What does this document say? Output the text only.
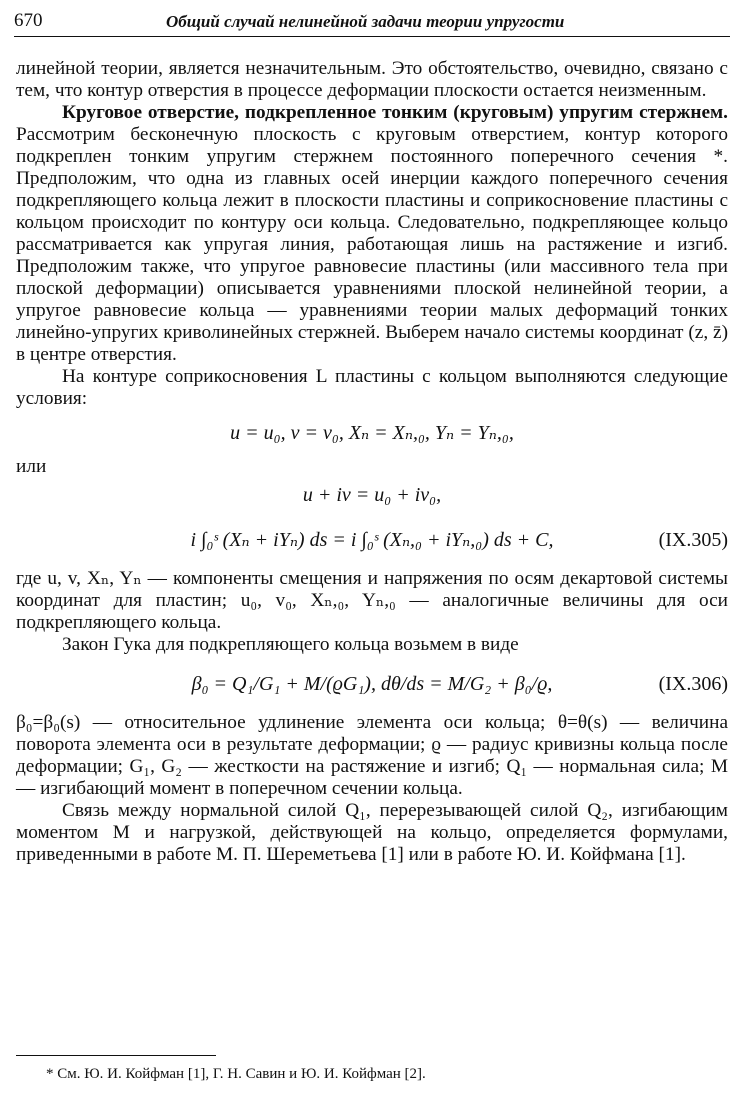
670	Общий случай нелинейной задачи теории упругости

линейной теории, является незначительным. Это обстоятельство, очевидно, связано с тем, что контур отверстия в процессе деформации плоскости остается неизменным.

Круговое отверстие, подкрепленное тонким (круговым) упругим стержнем. Рассмотрим бесконечную плоскость с круговым отверстием, контур которого подкреплен тонким упругим стержнем постоянного поперечного сечения *. Предположим, что одна из главных осей инерции каждого поперечного сечения подкрепляющего кольца лежит в плоскости пластины и соприкосновение пластины с кольцом происходит по контуру оси кольца. Следовательно, подкрепляющее кольцо рассматривается как упругая линия, работающая лишь на растяжение и изгиб. Предположим также, что упругое равновесие пластины (или массивного тела при плоской деформации) описывается уравнениями плоской нелинейной теории, а упругое равновесие кольца — уравнениями теории малых деформаций тонких линейно-упругих криволинейных стержней. Выберем начало системы координат (z, z̄) в центре отверстия.

На контуре соприкосновения L пластины с кольцом выполняются следующие условия:

u = u₀, v = v₀, Xₙ = Xₙ,₀, Yₙ = Yₙ,₀,

или

u + iv = u₀ + iv₀,
i ∫₀ˢ (Xₙ + iYₙ) ds = i ∫₀ˢ (Xₙ,₀ + iYₙ,₀) ds + C,	(IX.305)

где u, v, Xₙ, Yₙ — компоненты смещения и напряжения по осям декартовой системы координат для пластин; u₀, v₀, Xₙ,₀, Yₙ,₀ — аналогичные величины для оси подкрепляющего кольца.

Закон Гука для подкрепляющего кольца возьмем в виде

β₀ = Q₁/G₁ + M/(ϱG₁), dθ/ds = M/G₂ + β₀/ϱ,	(IX.306)

β₀=β₀(s) — относительное удлинение элемента оси кольца; θ=θ(s) — величина поворота элемента оси в результате деформации; ϱ — радиус кривизны кольца после деформации; G₁, G₂ — жесткости на растяжение и изгиб; Q₁ — нормальная сила; M — изгибающий момент в поперечном сечении кольца.

Связь между нормальной силой Q₁, перерезывающей силой Q₂, изгибающим моментом M и нагрузкой, действующей на кольцо, определяется формулами, приведенными в работе М. П. Шереметьева [1] или в работе Ю. И. Койфмана [1].

* См. Ю. И. Койфман [1], Г. Н. Савин и Ю. И. Койфман [2].
